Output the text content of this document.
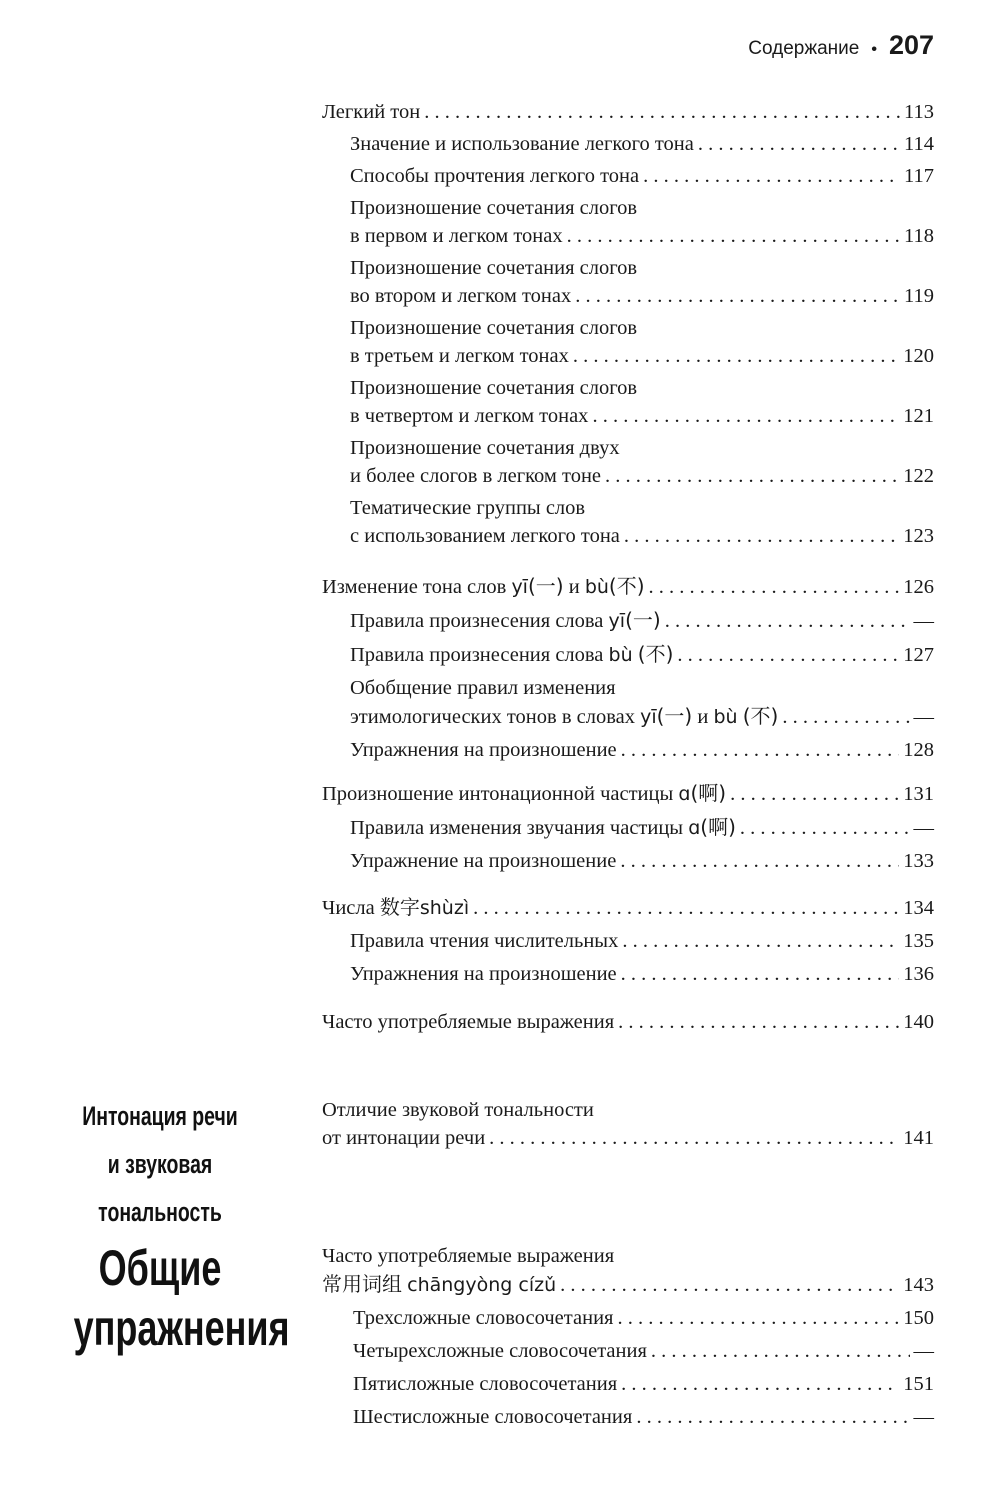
Содержание • 207
Легкий тон . . .	113
Значение и использование легкого тона . . .	114
Способы прочтения легкого тона . . .	117
Произношение сочетания слогов
в первом и легком тонах . . .	118
Произношение сочетания слогов
во втором и легком тонах . . .	119
Произношение сочетания слогов
в третьем и легком тонах . . .	120
Произношение сочетания слогов
в четвертом и легком тонах . . .	121
Произношение сочетания двух
и более слогов в легком тоне . . .	122
Тематические группы слов
с использованием легкого тона . . .	123
Изменение тона слов yī(一) и bù(不) . . .	126
Правила произнесения слова yī(一) . . .	—
Правила произнесения слова bù (不) . . .	127
Обобщение правил изменения
этимологических тонов в словах yī(一) и bù (不) . . .	—
Упражнения на произношение . . .	128
Произношение интонационной частицы ɑ(啊) . . .	131
Правила изменения звучания частицы ɑ(啊) . . .	—
Упражнение на произношение . . .	133
Числа 数字shùzì . . .	134
Правила чтения числительных . . .	135
Упражнения на произношение . . .	136
Часто употребляемые выражения . . .	140
Интонация речи
и звуковая
тональность
Отличие звуковой тональности
от интонации речи . . .	141
Общие
упражнения
Часто употребляемые выражения
常用词组 chāngyòng cízǔ . . .	143
Трехсложные словосочетания . . .	150
Четырехсложные словосочетания . . .	—
Пятисложные словосочетания . . .	151
Шестисложные словосочетания . . .	—
